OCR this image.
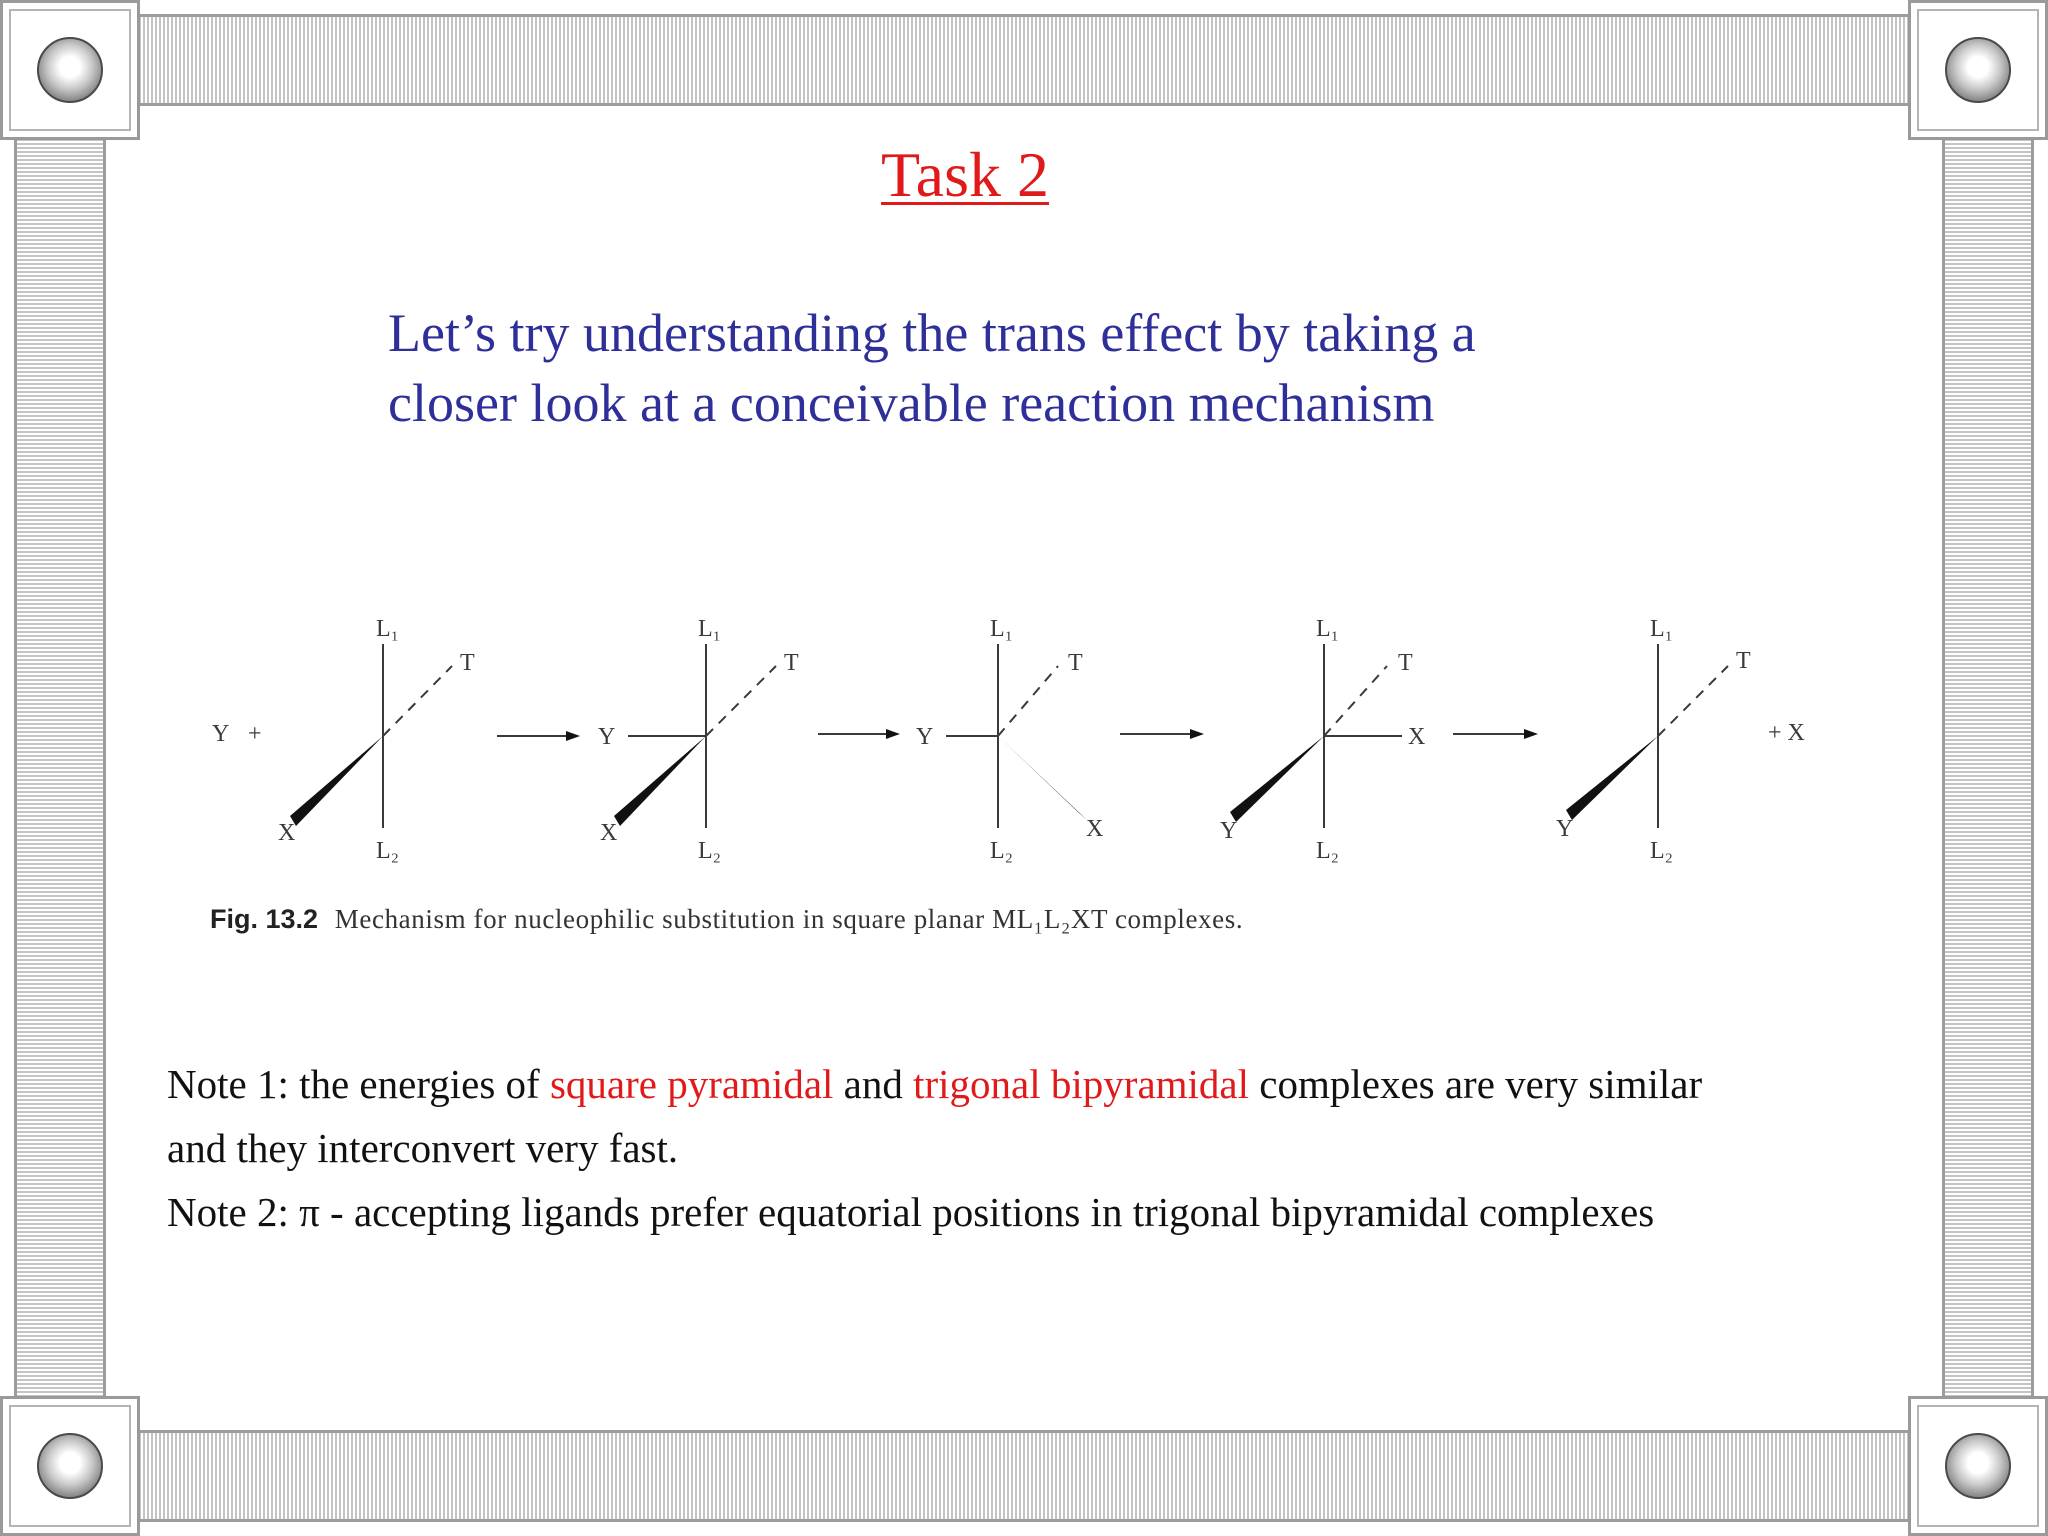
Task 2
Let’s try understanding the trans effect by taking a
closer look at a conceivable reaction mechanism
Y +
L₁
T
X
L₂
Y
L₁
T
X
L₂
Y
L₁
T
X
L₂
L₁
T
X
Y
L₂
L₁
T
Y
L₂
+ X
Fig. 13.2 Mechanism for nucleophilic substitution in square planar ML₁L₂XT complexes.
Note 1: the energies of square pyramidal and trigonal bipyramidal complexes are very similar
and they interconvert very fast.
Note 2: π - accepting ligands prefer equatorial positions in trigonal bipyramidal complexes
